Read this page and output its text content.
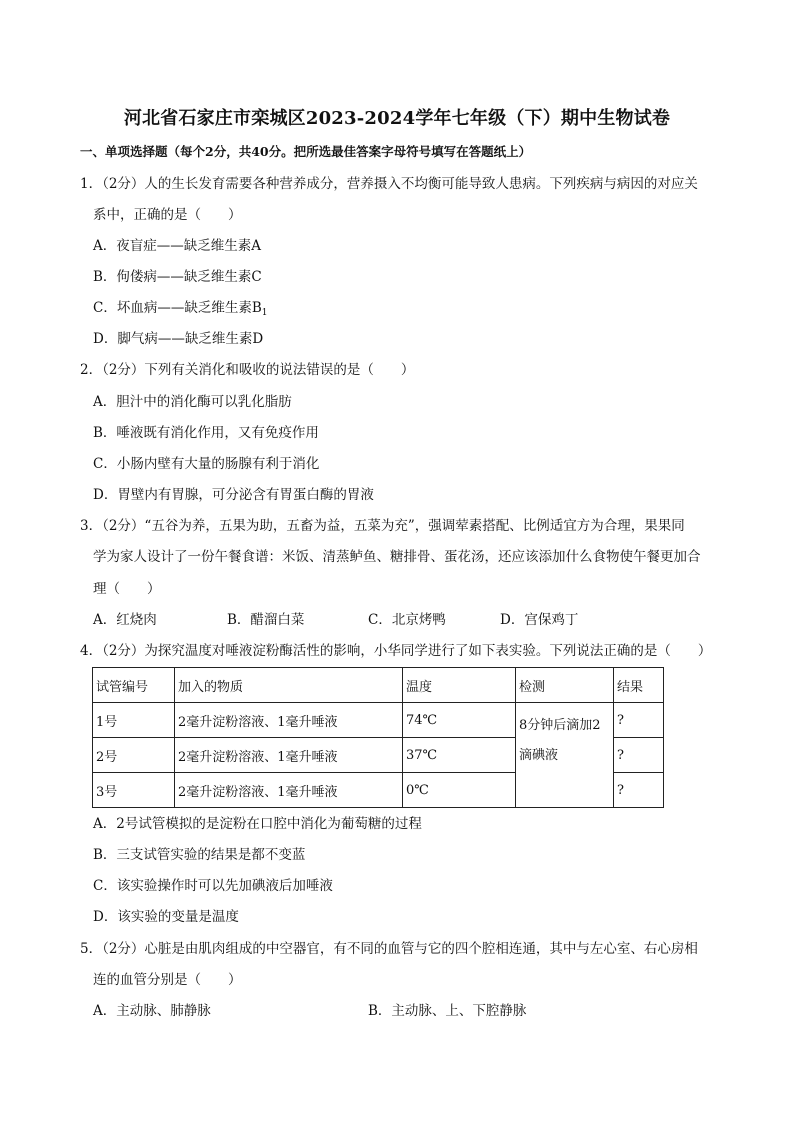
河北省石家庄市栾城区2023-2024学年七年级（下）期中生物试卷
一、单项选择题（每个2分，共40分。把所选最佳答案字母符号填写在答题纸上）
1．（2分）人的生长发育需要各种营养成分，营养摄入不均衡可能导致人患病。下列疾病与病因的对应关
系中，正确的是（　　）
A．夜盲症——缺乏维生素A
B．佝偻病——缺乏维生素C
C．坏血病——缺乏维生素$B_1$
D．脚气病——缺乏维生素D
2．（2分）下列有关消化和吸收的说法错误的是（　　）
A．胆汁中的消化酶可以乳化脂肪
B．唾液既有消化作用，又有免疫作用
C．小肠内壁有大量的肠腺有利于消化
D．胃壁内有胃腺，可分泌含有胃蛋白酶的胃液
3．（2分）“五谷为养，五果为助，五畜为益，五菜为充”，强调荤素搭配、比例适宜方为合理，果果同
学为家人设计了一份午餐食谱：米饭、清蒸鲈鱼、糖排骨、蛋花汤，还应该添加什么食物使午餐更加合
理（　　）
A．红烧肉	B．醋溜白菜	C．北京烤鸭	D．宫保鸡丁
4．（2分）为探究温度对唾液淀粉酶活性的影响，小华同学进行了如下表实验。下列说法正确的是（　　）
试管编号	加入的物质	温度	检测	结果
1号	2毫升淀粉溶液、1毫升唾液	74℃	8分钟后滴加2滴碘液	?
2号	2毫升淀粉溶液、1毫升唾液	37℃		?
3号	2毫升淀粉溶液、1毫升唾液	0℃		?
A．2号试管模拟的是淀粉在口腔中消化为葡萄糖的过程
B．三支试管实验的结果是都不变蓝
C．该实验操作时可以先加碘液后加唾液
D．该实验的变量是温度
5．（2分）心脏是由肌肉组成的中空器官，有不同的血管与它的四个腔相连通，其中与左心室、右心房相
连的血管分别是（　　）
A．主动脉、肺静脉	B．主动脉、上、下腔静脉
